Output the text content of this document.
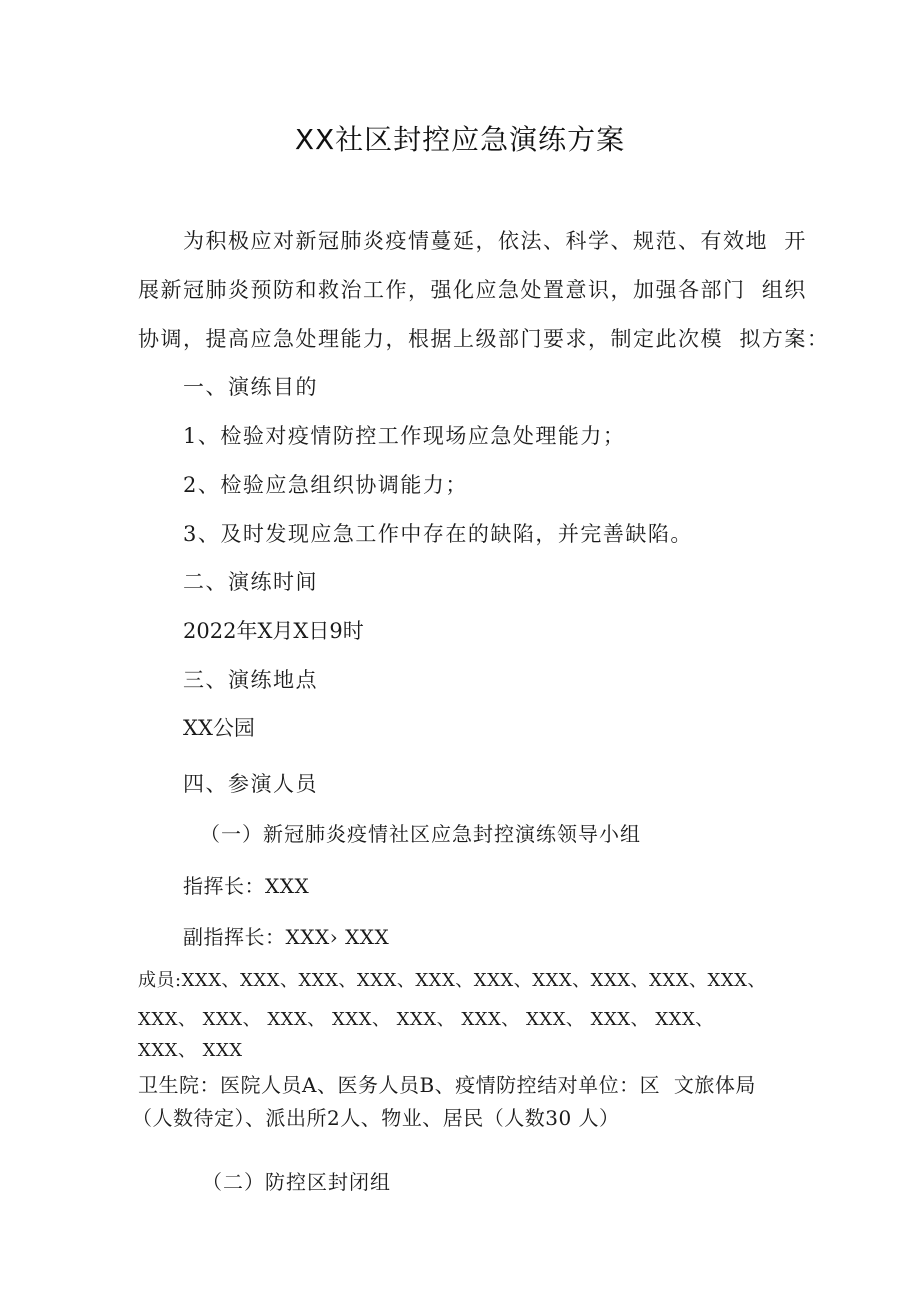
XX社区封控应急演练方案
为积极应对新冠肺炎疫情蔓延，依法、科学、规范、有效地  开
展新冠肺炎预防和救治工作，强化应急处置意识，加强各部门  组织
协调，提高应急处理能力，根据上级部门要求，制定此次模  拟方案：
一、演练目的
1、检验对疫情防控工作现场应急处理能力；
2、检验应急组织协调能力；
3、及时发现应急工作中存在的缺陷，并完善缺陷。
二、演练时间
2022年X月X日9时
三、演练地点
XX公园
四、参演人员
（一）新冠肺炎疫情社区应急封控演练领导小组
指挥长：XXX
副指挥长：XXX› XXX
成员:XXX、XXX、XXX、XXX、XXX、XXX、XXX、XXX、XXX、XXX、
XXX、 XXX、 XXX、 XXX、 XXX、 XXX、 XXX、 XXX、 XXX、
XXX、 XXX
卫生院：医院人员A、医务人员B、疫情防控结对单位：区  文旅体局
（人数待定）、派出所2人、物业、居民（人数30 人）
（二）防控区封闭组
